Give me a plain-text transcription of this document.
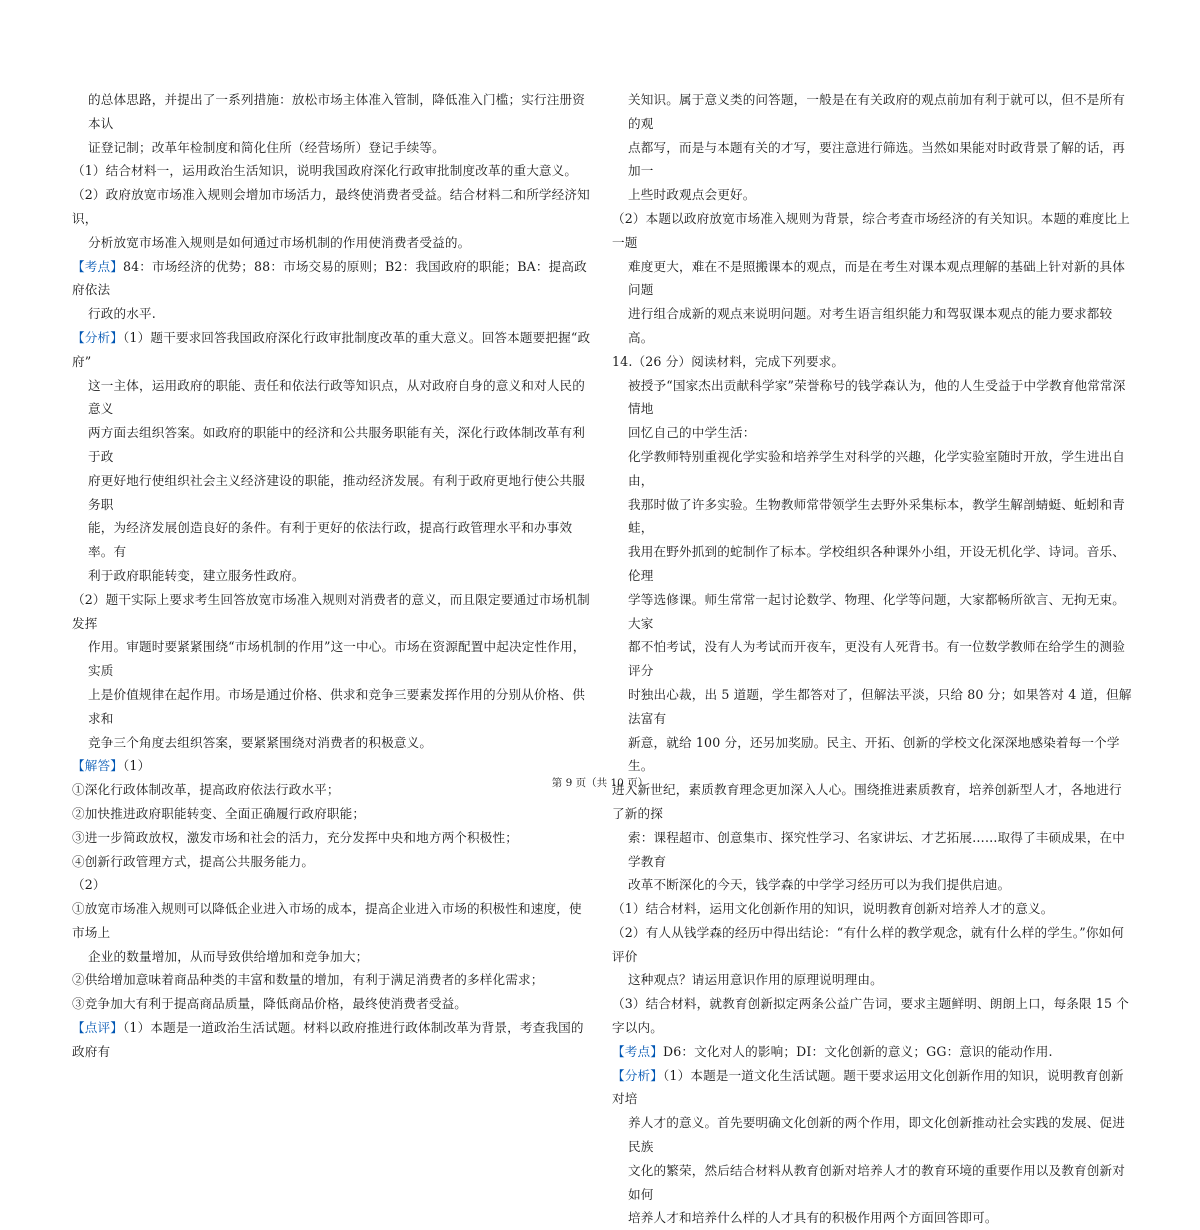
的总体思路，并提出了一系列措施：放松市场主体准入管制，降低准入门槛；实行注册资本认
证登记制；改革年检制度和简化住所（经营场所）登记手续等。
（1）结合材料一，运用政治生活知识，说明我国政府深化行政审批制度改革的重大意义。
（2）政府放宽市场准入规则会增加市场活力，最终使消费者受益。结合材料二和所学经济知识，
分析放宽市场准入规则是如何通过市场机制的作用使消费者受益的。
【考点】84：市场经济的优势；88：市场交易的原则；B2：我国政府的职能；BA：提高政府依法
行政的水平.
【分析】（1）题干要求回答我国政府深化行政审批制度改革的重大意义。回答本题要把握“政府”
这一主体，运用政府的职能、责任和依法行政等知识点，从对政府自身的意义和对人民的意义
两方面去组织答案。如政府的职能中的经济和公共服务职能有关，深化行政体制改革有利于政
府更好地行使组织社会主义经济建设的职能，推动经济发展。有利于政府更地行使公共服务职
能，为经济发展创造良好的条件。有利于更好的依法行政，提高行政管理水平和办事效率。有
利于政府职能转变，建立服务性政府。
（2）题干实际上要求考生回答放宽市场准入规则对消费者的意义，而且限定要通过市场机制发挥
作用。审题时要紧紧围绕“市场机制的作用”这一中心。市场在资源配置中起决定性作用，实质
上是价值规律在起作用。市场是通过价格、供求和竞争三要素发挥作用的分别从价格、供求和
竞争三个角度去组织答案，要紧紧围绕对消费者的积极意义。
【解答】（1）
①深化行政体制改革，提高政府依法行政水平；
②加快推进政府职能转变、全面正确履行政府职能；
③进一步简政放权，激发市场和社会的活力，充分发挥中央和地方两个积极性；
④创新行政管理方式，提高公共服务能力。
（2）
①放宽市场准入规则可以降低企业进入市场的成本，提高企业进入市场的积极性和速度，使市场上
企业的数量增加，从而导致供给增加和竞争加大；
②供给增加意味着商品种类的丰富和数量的增加，有利于满足消费者的多样化需求；
③竞争加大有利于提高商品质量，降低商品价格，最终使消费者受益。
【点评】（1）本题是一道政治生活试题。材料以政府推进行政体制改革为背景，考查我国的政府有
关知识。属于意义类的问答题，一般是在有关政府的观点前加有利于就可以，但不是所有的观
点都写，而是与本题有关的才写，要注意进行筛选。当然如果能对时政背景了解的话，再加一
上些时政观点会更好。
（2）本题以政府放宽市场准入规则为背景，综合考查市场经济的有关知识。本题的难度比上一题
难度更大，难在不是照搬课本的观点，而是在考生对课本观点理解的基础上针对新的具体问题
进行组合成新的观点来说明问题。对考生语言组织能力和驾驭课本观点的能力要求都较高。
14.（26 分）阅读材料，完成下列要求。
被授予“国家杰出贡献科学家”荣誉称号的钱学森认为，他的人生受益于中学教育他常常深情地
回忆自己的中学生活：
化学教师特别重视化学实验和培养学生对科学的兴趣，化学实验室随时开放，学生进出自由，
我那时做了许多实验。生物教师常带领学生去野外采集标本，教学生解剖蜻蜓、蚯蚓和青蛙，
我用在野外抓到的蛇制作了标本。学校组织各种课外小组，开设无机化学、诗词。音乐、伦理
学等选修课。师生常常一起讨论数学、物理、化学等问题，大家都畅所欲言、无拘无束。大家
都不怕考试，没有人为考试而开夜车，更没有人死背书。有一位数学教师在给学生的测验评分
时独出心裁，出 5 道题，学生都答对了，但解法平淡，只给 80 分；如果答对 4 道，但解法富有
新意，就给 100 分，还另加奖励。民主、开拓、创新的学校文化深深地感染着每一个学生。
进入新世纪，素质教育理念更加深入人心。围绕推进素质教育，培养创新型人才，各地进行了新的探
索：课程超市、创意集市、探究性学习、名家讲坛、才艺拓展……取得了丰硕成果，在中学教育
改革不断深化的今天，钱学森的中学学习经历可以为我们提供启迪。
（1）结合材料，运用文化创新作用的知识，说明教育创新对培养人才的意义。
（2）有人从钱学森的经历中得出结论：“有什么样的教学观念，就有什么样的学生。”你如何评价
这种观点？请运用意识作用的原理说明理由。
（3）结合材料，就教育创新拟定两条公益广告词，要求主题鲜明、朗朗上口，每条限 15 个字以内。
【考点】D6：文化对人的影响；DI：文化创新的意义；GG：意识的能动作用.
【分析】（1）本题是一道文化生活试题。题干要求运用文化创新作用的知识，说明教育创新对培
养人才的意义。首先要明确文化创新的两个作用，即文化创新推动社会实践的发展、促进民族
文化的繁荣，然后结合材料从教育创新对培养人才的教育环境的重要作用以及教育创新对如何
培养人才和培养什么样的人才具有的积极作用两个方面回答即可。
第 9 页（共 10 页）
